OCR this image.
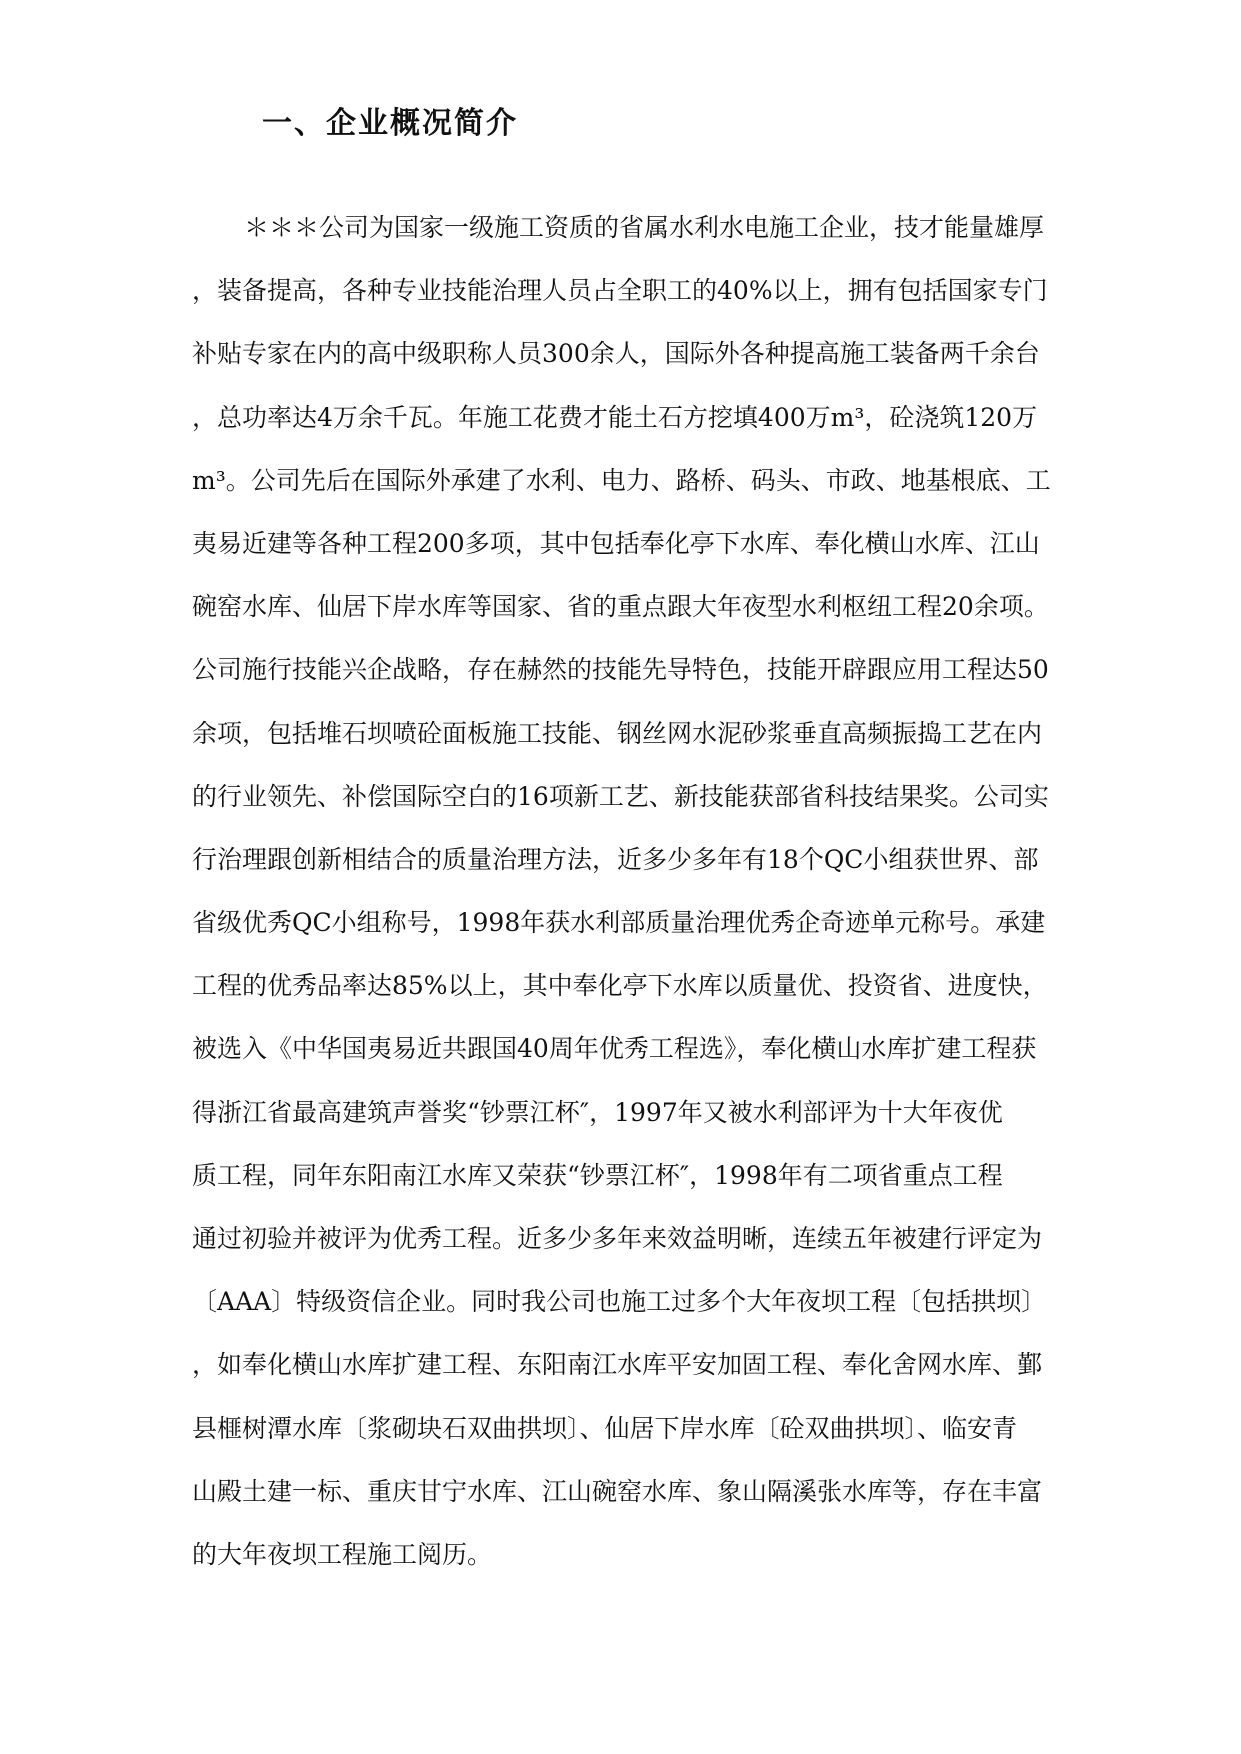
一、企业概况简介
＊＊＊公司为国家一级施工资质的省属水利水电施工企业，技才能量雄厚
，装备提高，各种专业技能治理人员占全职工的40%以上，拥有包括国家专门
补贴专家在内的高中级职称人员300余人，国际外各种提高施工装备两千余台
，总功率达4万余千瓦。年施工花费才能土石方挖填400万m³，砼浇筑120万
m³。公司先后在国际外承建了水利、电力、路桥、码头、市政、地基根底、工
夷易近建等各种工程200多项，其中包括奉化亭下水库、奉化横山水库、江山
碗窑水库、仙居下岸水库等国家、省的重点跟大年夜型水利枢纽工程20余项。
公司施行技能兴企战略，存在赫然的技能先导特色，技能开辟跟应用工程达50
余项，包括堆石坝喷砼面板施工技能、钢丝网水泥砂浆垂直高频振捣工艺在内
的行业领先、补偿国际空白的16项新工艺、新技能获部省科技结果奖。公司实
行治理跟创新相结合的质量治理方法，近多少多年有18个QC小组获世界、部
省级优秀QC小组称号，1998年获水利部质量治理优秀企奇迹单元称号。承建
工程的优秀品率达85%以上，其中奉化亭下水库以质量优、投资省、进度快，
被选入《中华国夷易近共跟国40周年优秀工程选》，奉化横山水库扩建工程获
得浙江省最高建筑声誉奖“钞票江杯″，1997年又被水利部评为十大年夜优
质工程，同年东阳南江水库又荣获“钞票江杯″，1998年有二项省重点工程
通过初验并被评为优秀工程。近多少多年来效益明晰，连续五年被建行评定为
〔AAA〕特级资信企业。同时我公司也施工过多个大年夜坝工程〔包括拱坝〕
，如奉化横山水库扩建工程、东阳南江水库平安加固工程、奉化舍网水库、鄞
县榧树潭水库〔浆砌块石双曲拱坝〕、仙居下岸水库〔砼双曲拱坝〕、临安青
山殿土建一标、重庆甘宁水库、江山碗窑水库、象山隔溪张水库等，存在丰富
的大年夜坝工程施工阅历。
